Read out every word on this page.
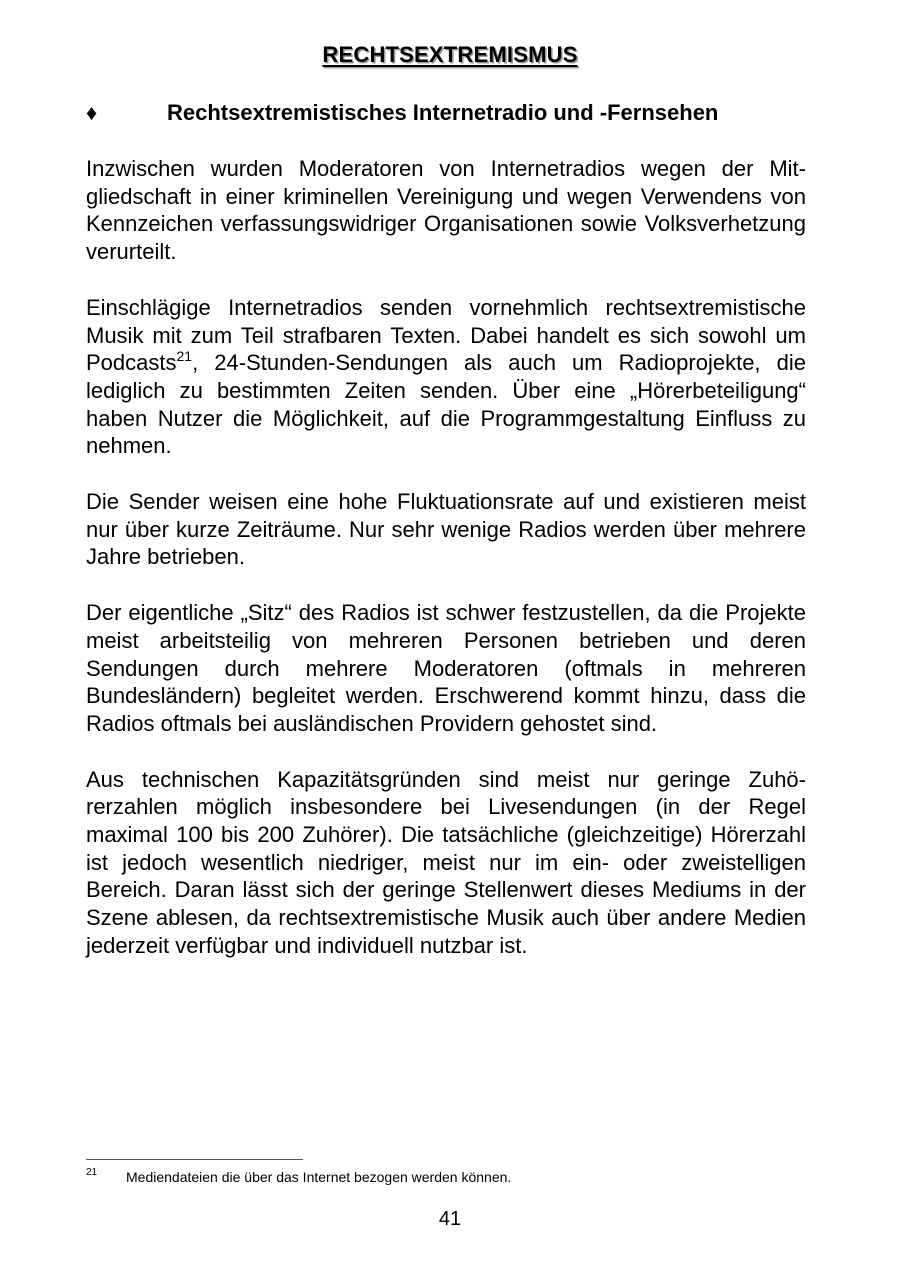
RECHTSEXTREMISMUS
♦	Rechtsextremistisches Internetradio und -Fernsehen

Inzwischen wurden Moderatoren von Internetradios wegen der Mitgliedschaft in einer kriminellen Vereinigung und wegen Verwendens von Kennzeichen verfassungswidriger Organisationen sowie Volksverhetzung verurteilt.

Einschlägige Internetradios senden vornehmlich rechtsextremistische Musik mit zum Teil strafbaren Texten. Dabei handelt es sich sowohl um Podcasts$^{21}$, 24-Stunden-Sendungen als auch um Radioprojekte, die lediglich zu bestimmten Zeiten senden. Über eine „Hörerbeteiligung“ haben Nutzer die Möglichkeit, auf die Programmgestaltung Einfluss zu nehmen.

Die Sender weisen eine hohe Fluktuationsrate auf und existieren meist nur über kurze Zeiträume. Nur sehr wenige Radios werden über mehrere Jahre betrieben.

Der eigentliche „Sitz“ des Radios ist schwer festzustellen, da die Projekte meist arbeitsteilig von mehreren Personen betrieben und deren Sendungen durch mehrere Moderatoren (oftmals in mehreren Bundesländern) begleitet werden. Erschwerend kommt hinzu, dass die Radios oftmals bei ausländischen Providern gehostet sind.

Aus technischen Kapazitätsgründen sind meist nur geringe Zuhörerzahlen möglich insbesondere bei Livesendungen (in der Regel maximal 100 bis 200 Zuhörer). Die tatsächliche (gleichzeitige) Hörerzahl ist jedoch wesentlich niedriger, meist nur im ein- oder zweistelligen Bereich. Daran lässt sich der geringe Stellenwert dieses Mediums in der Szene ablesen, da rechtsextremistische Musik auch über andere Medien jederzeit verfügbar und individuell nutzbar ist.

21 Mediendateien die über das Internet bezogen werden können.
41
